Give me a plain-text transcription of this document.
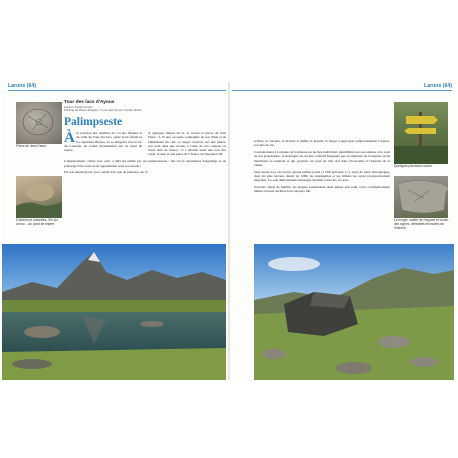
Laruns (64)
Pierre de Jean Faure.
D'abeurs et d'abeilles, l'île (ici, un roc... au point de repère.

Tour des lacs d'Ayous

Laruns, 64440 Laruns

Parking du Bious-Artigues, 5 h de marche par chemin balisé

Palimpseste

À la jonction des chemins du col des Moines et de celui du Tour des lacs, après avoir atteint le lac supérieur Bersau, en se dirigeant vers le lac du Castérau, un rocher monumental sert de point de repère.

À quelques mètres de là, se trouve la pierre de Jean Faure : à 15 ans, en seule compagnie de son chien et de l'immensité du ciel, ce berger s'inscrit, sur une pierre, son nom dans une trouée, à l'aide de son couteau ou d'une dent de ciseau ; il a dessiné aussi une tour des vents, la date et une pièce de 5 francs de Napoléon III.

L'emplacement, choisi avec soin, a déjà été utilisé par ses prédécesseurs : des traces antérieures d'aiguisage et de polissage d'un outil en fer apparaissent sous son dessin !

Par son dessin gravé, avec autant d'art que de patience, sur le

Laruns (64)

schiste, le calcaire, le marbre et même le granite, le berger s'approprie temporairement l'espace, son lieu de vie.

Contrairement à la plaine où la maison est un lieu individuel, identifiable par son adresse et le nom de son propriétaire, la montagne est un lieu collectif fréquenté par ces meneurs de troupeaux qu'ils membrent si rarement et qui pourtant ont joué un rôle clef dans l'économie et l'histoire de la vallée.

Sans doute n'a-t-on trouvé qu'une infime partie (1 000 gravures à ce jour) de leurs témoignages, dont les plus anciens datent de 1380, les intempéries et les lichens les ayant progressivement dégradés. Ce sont démonstrants messages destinés à être lus, un jour.

Souvent cadets de famille, les bergers souhaitaient ainsi laisser leur nom, tracé à l'emplacement même où leurs ancêtres font toujours fait.

Quelques panneaux suivre.
Le berger, maître de l'espace et cumin : des signes, véritables énoncées de l'histoire.
